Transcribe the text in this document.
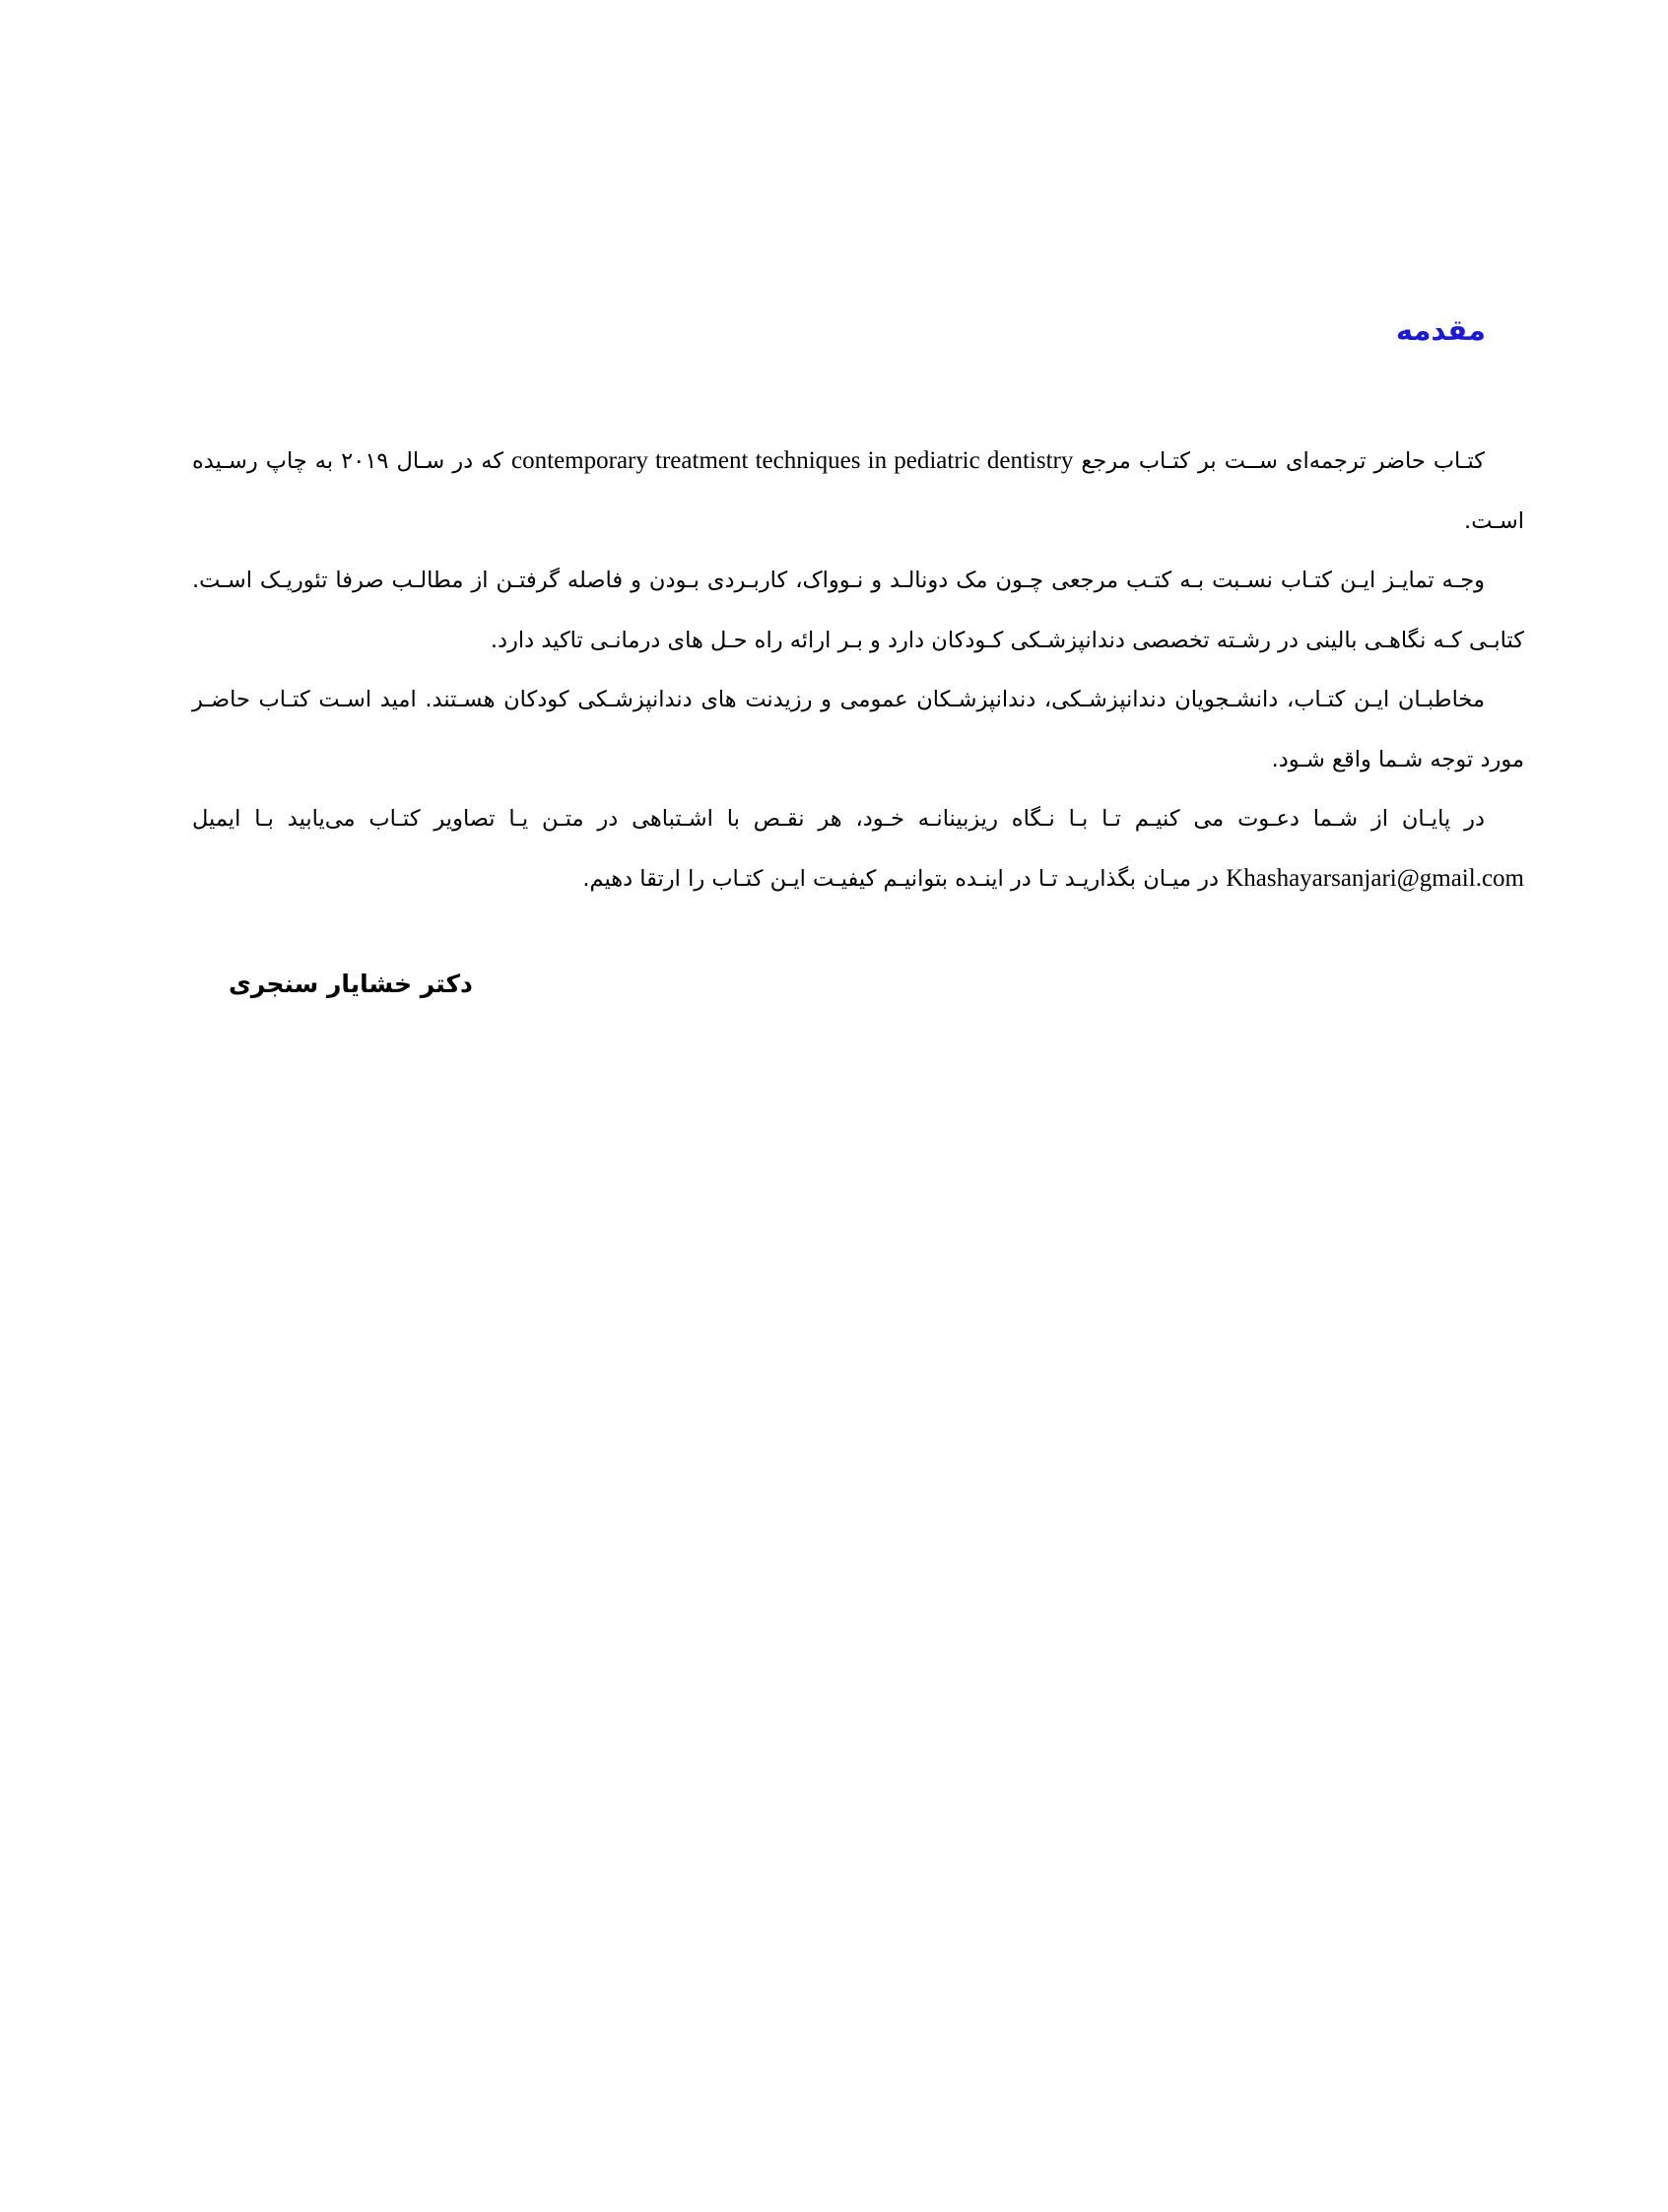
مقدمه

کتـاب حاضر ترجمه‌ای ســت بر کتـاب مرجع contemporary treatment techniques in pediatric dentistry که در سـال ۲۰۱۹ به چاپ رسـیده اسـت.

وجـه تمایـز ایـن کتـاب نسـبت بـه کتـب مرجعی چـون مک دونالـد و نـوواک، کاربـردی بـودن و فاصله گرفتـن از مطالـب صرفا تئوریـک اسـت. کتابـی کـه نگاهـی بالینی در رشـته تخصصی دندانپزشـکی کـودکان دارد و بـر ارائه راه حـل های درمانـی تاکید دارد.

مخاطبـان ایـن کتـاب، دانشـجویان دندانپزشـکی، دندانپزشـکان عمومی و رزیدنت های دندانپزشـکی کودکان هسـتند. امید اسـت کتـاب حاضـر مورد توجه شـما واقع شـود.

در پایـان از شـما دعـوت می کنیـم تـا بـا نـگاه ریزبینانـه خـود، هر نقـص با اشـتباهی در متـن یـا تصاویر کتـاب می‌یابید بـا ایمیل Khashayarsanjari@gmail.com در میـان بگذاریـد تـا در اینـده بتوانیـم کیفیـت ایـن کتـاب را ارتقا دهیم.

دکتر خشایار سنجری
